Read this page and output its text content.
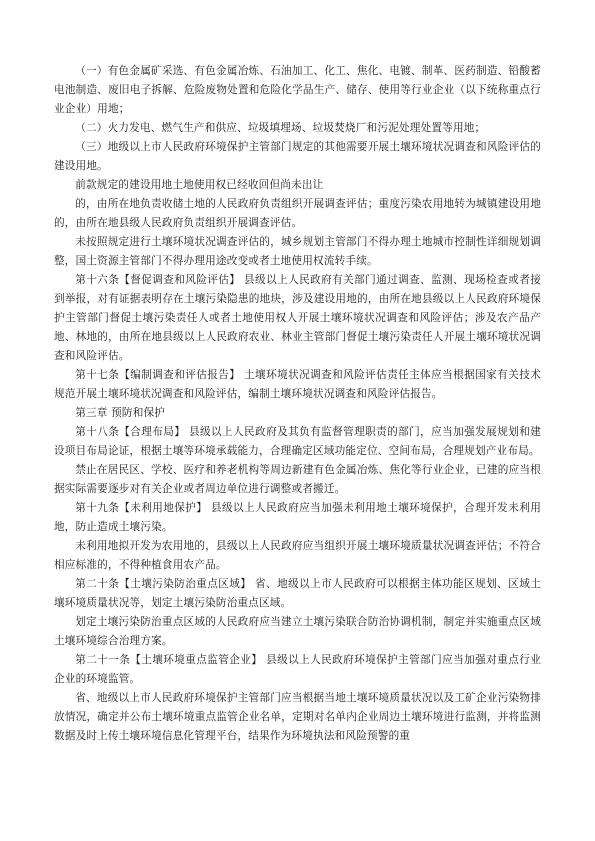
（一）有色金属矿采选、有色金属冶炼、石油加工、化工、焦化、电镀、制革、医药制造、铅酸蓄电池制造、废旧电子拆解、危险废物处置和危险化学品生产、储存、使用等行业企业（以下统称重点行业企业）用地；

（二）火力发电、燃气生产和供应、垃圾填埋场、垃圾焚烧厂和污泥处理处置等用地；

（三）地级以上市人民政府环境保护主管部门规定的其他需要开展土壤环境状况调查和风险评估的建设用地。

前款规定的建设用地土地使用权已经收回但尚未出让

的，由所在地负责收储土地的人民政府负责组织开展调查评估；重度污染农用地转为城镇建设用地的，由所在地县级人民政府负责组织开展调查评估。

未按照规定进行土壤环境状况调查评估的，城乡规划主管部门不得办理土地城市控制性详细规划调整，国土资源主管部门不得办理用途改变或者土地使用权流转手续。

第十六条【督促调查和风险评估】 县级以上人民政府有关部门通过调查、监测、现场检查或者接到举报，对有证据表明存在土壤污染隐患的地块，涉及建设用地的，由所在地县级以上人民政府环境保护主管部门督促土壤污染责任人或者土地使用权人开展土壤环境状况调查和风险评估；涉及农产品产地、林地的，由所在地县级以上人民政府农业、林业主管部门督促土壤污染责任人开展土壤环境状况调查和风险评估。

第十七条【编制调查和评估报告】 土壤环境状况调查和风险评估责任主体应当根据国家有关技术规范开展土壤环境状况调查和风险评估，编制土壤环境状况调查和风险评估报告。

第三章 预防和保护

第十八条【合理布局】 县级以上人民政府及其负有监督管理职责的部门，应当加强发展规划和建设项目布局论证，根据土壤等环境承载能力，合理确定区域功能定位、空间布局，合理规划产业布局。

禁止在居民区、学校、医疗和养老机构等周边新建有色金属冶炼、焦化等行业企业，已建的应当根据实际需要逐步对有关企业或者周边单位进行调整或者搬迁。

第十九条【未利用地保护】 县级以上人民政府应当加强未利用地土壤环境保护，合理开发未利用地，防止造成土壤污染。

未利用地拟开发为农用地的，县级以上人民政府应当组织开展土壤环境质量状况调查评估；不符合相应标准的，不得种植食用农产品。

第二十条【土壤污染防治重点区域】 省、地级以上市人民政府可以根据主体功能区规划、区域土壤环境质量状况等，划定土壤污染防治重点区域。

划定土壤污染防治重点区域的人民政府应当建立土壤污染联合防治协调机制，制定并实施重点区域土壤环境综合治理方案。

第二十一条【土壤环境重点监管企业】 县级以上人民政府环境保护主管部门应当加强对重点行业企业的环境监管。

省、地级以上市人民政府环境保护主管部门应当根据当地土壤环境质量状况以及工矿企业污染物排放情况，确定并公布土壤环境重点监管企业名单，定期对名单内企业周边土壤环境进行监测，并将监测数据及时上传土壤环境信息化管理平台，结果作为环境执法和风险预警的重
